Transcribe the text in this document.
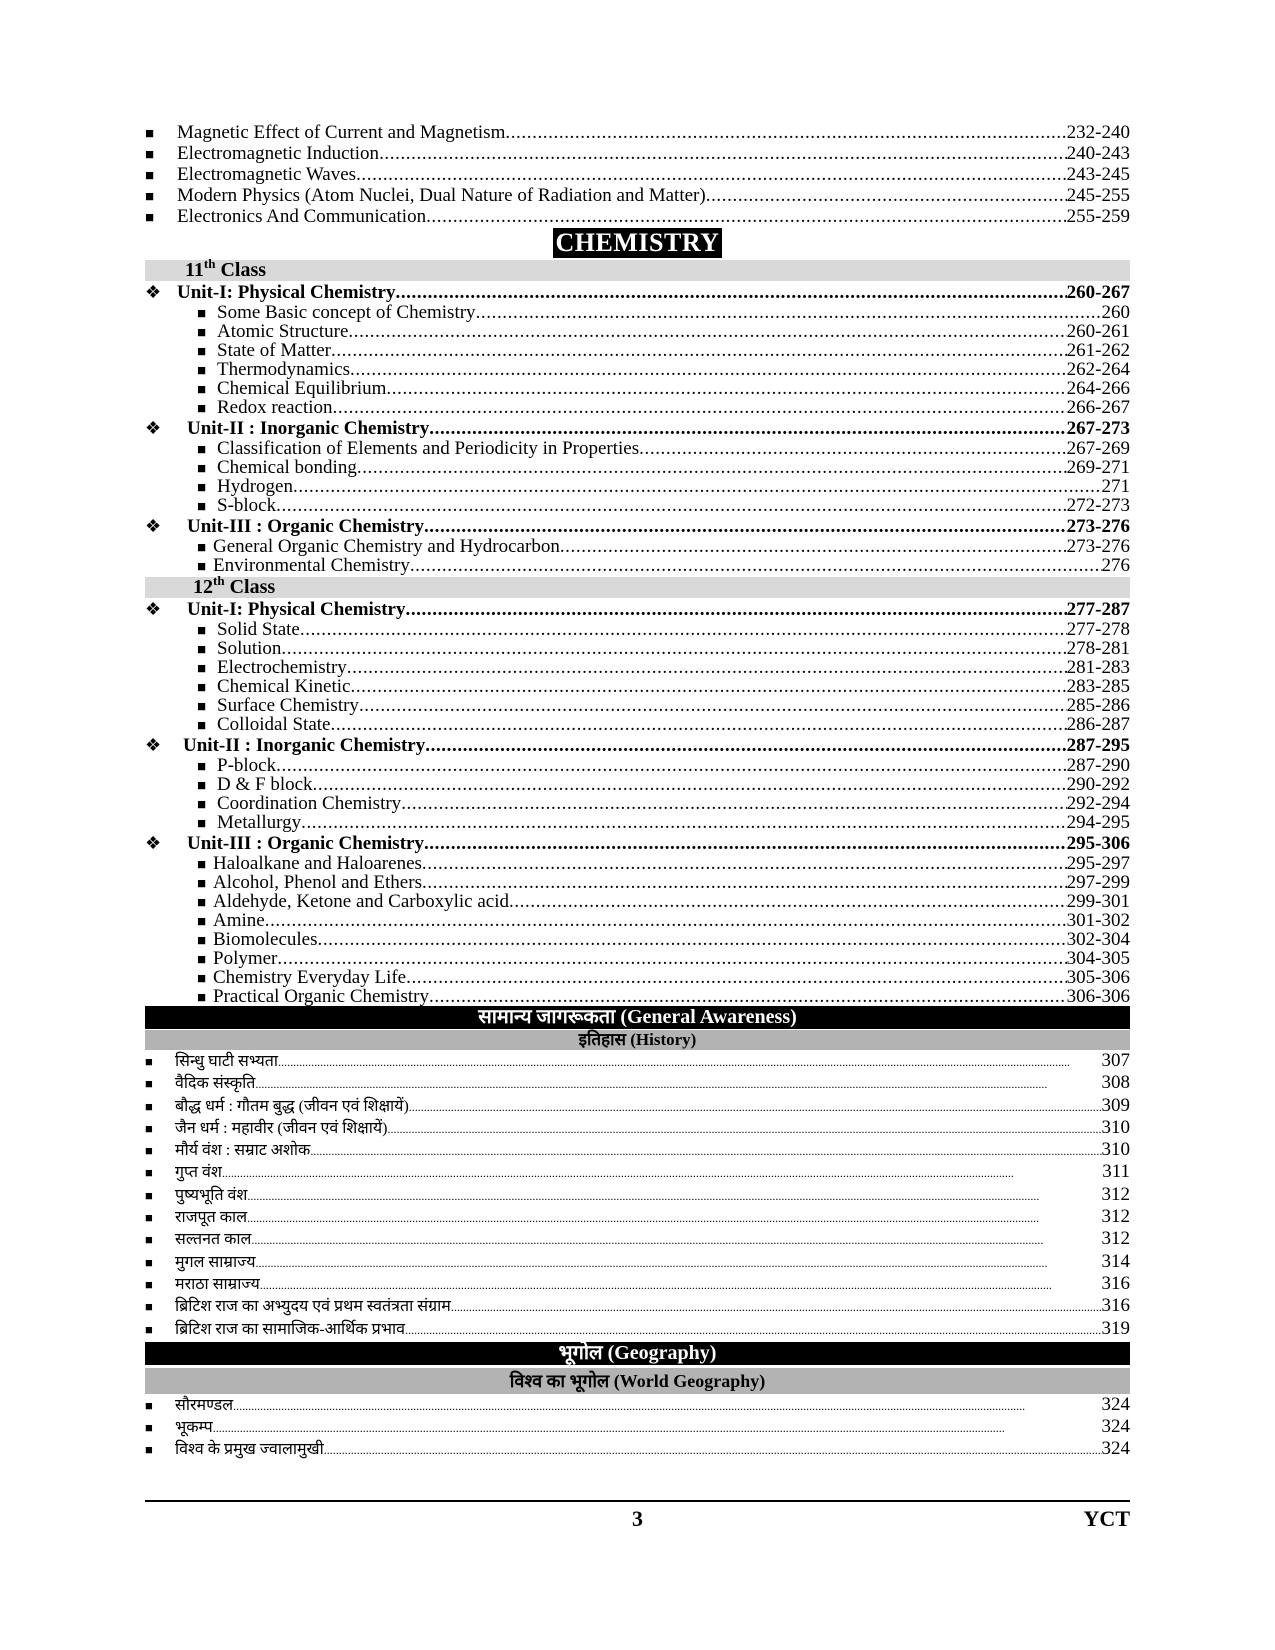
■	Magnetic Effect of Current and Magnetism .....	232-240
■	Electromagnetic Induction .....	240-243
■	Electromagnetic Waves .....	243-245
■	Modern Physics (Atom Nuclei, Dual Nature of Radiation and Matter) .....	245-255
■	Electronics And Communication .....	255-259
CHEMISTRY
11th Class
❖ Unit-I: Physical Chemistry .....	260-267
■ Some Basic concept of Chemistry .....	260
■ Atomic Structure .....	260-261
■ State of Matter .....	261-262
■ Thermodynamics .....	262-264
■ Chemical Equilibrium .....	264-266
■ Redox reaction .....	266-267
❖	Unit-II : Inorganic Chemistry .....	267-273
■ Classification of Elements and Periodicity in Properties .....	267-269
■ Chemical bonding .....	269-271
■ Hydrogen .....	271
■ S-block .....	272-273
❖	Unit-III : Organic Chemistry .....	273-276
■ General Organic Chemistry and Hydrocarbon .....	273-276
■ Environmental Chemistry .....	276
12th Class
❖	Unit-I: Physical Chemistry .....	277-287
■ Solid State .....	277-278
■ Solution .....	278-281
■ Electrochemistry .....	281-283
■ Chemical Kinetic .....	283-285
■ Surface Chemistry .....	285-286
■ Colloidal State .....	286-287
❖	Unit-II : Inorganic Chemistry .....	287-295
■ P-block .....	287-290
■ D & F block .....	290-292
■ Coordination Chemistry .....	292-294
■ Metallurgy .....	294-295
❖	Unit-III : Organic Chemistry .....	295-306
■ Haloalkane and Haloarenes .....	295-297
■ Alcohol, Phenol and Ethers .....	297-299
■ Aldehyde, Ketone and Carboxylic acid .....	299-301
■ Amine .....	301-302
■ Biomolecules .....	302-304
■ Polymer .....	304-305
■ Chemistry Everyday Life .....	305-306
■ Practical Organic Chemistry .....	306-306
सामान्य जागरूकता (General Awareness)
इतिहास (History)
■	सिन्धु घाटी सभ्यता .....	307
■	वैदिक संस्कृति .....	308
■	बौद्ध धर्म : गौतम बुद्ध (जीवन एवं शिक्षायें) .....	309
■	जैन धर्म : महावीर (जीवन एवं शिक्षायें) .....	310
■	मौर्य वंश : सम्राट अशोक .....	310
■	गुप्त वंश .....	311
■	पुष्यभूति वंश .....	312
■	राजपूत काल .....	312
■	सल्तनत काल .....	312
■	मुगल साम्राज्य .....	314
■	मराठा साम्राज्य .....	316
■	ब्रिटिश राज का अभ्युदय एवं प्रथम स्वतंत्रता संग्राम .....	316
■	ब्रिटिश राज का सामाजिक-आर्थिक प्रभाव .....	319
भूगोल (Geography)
विश्व का भूगोल (World Geography)
■	सौरमण्डल .....	324
■	भूकम्प .....	324
■	विश्व के प्रमुख ज्वालामुखी .....	324
3	YCT
